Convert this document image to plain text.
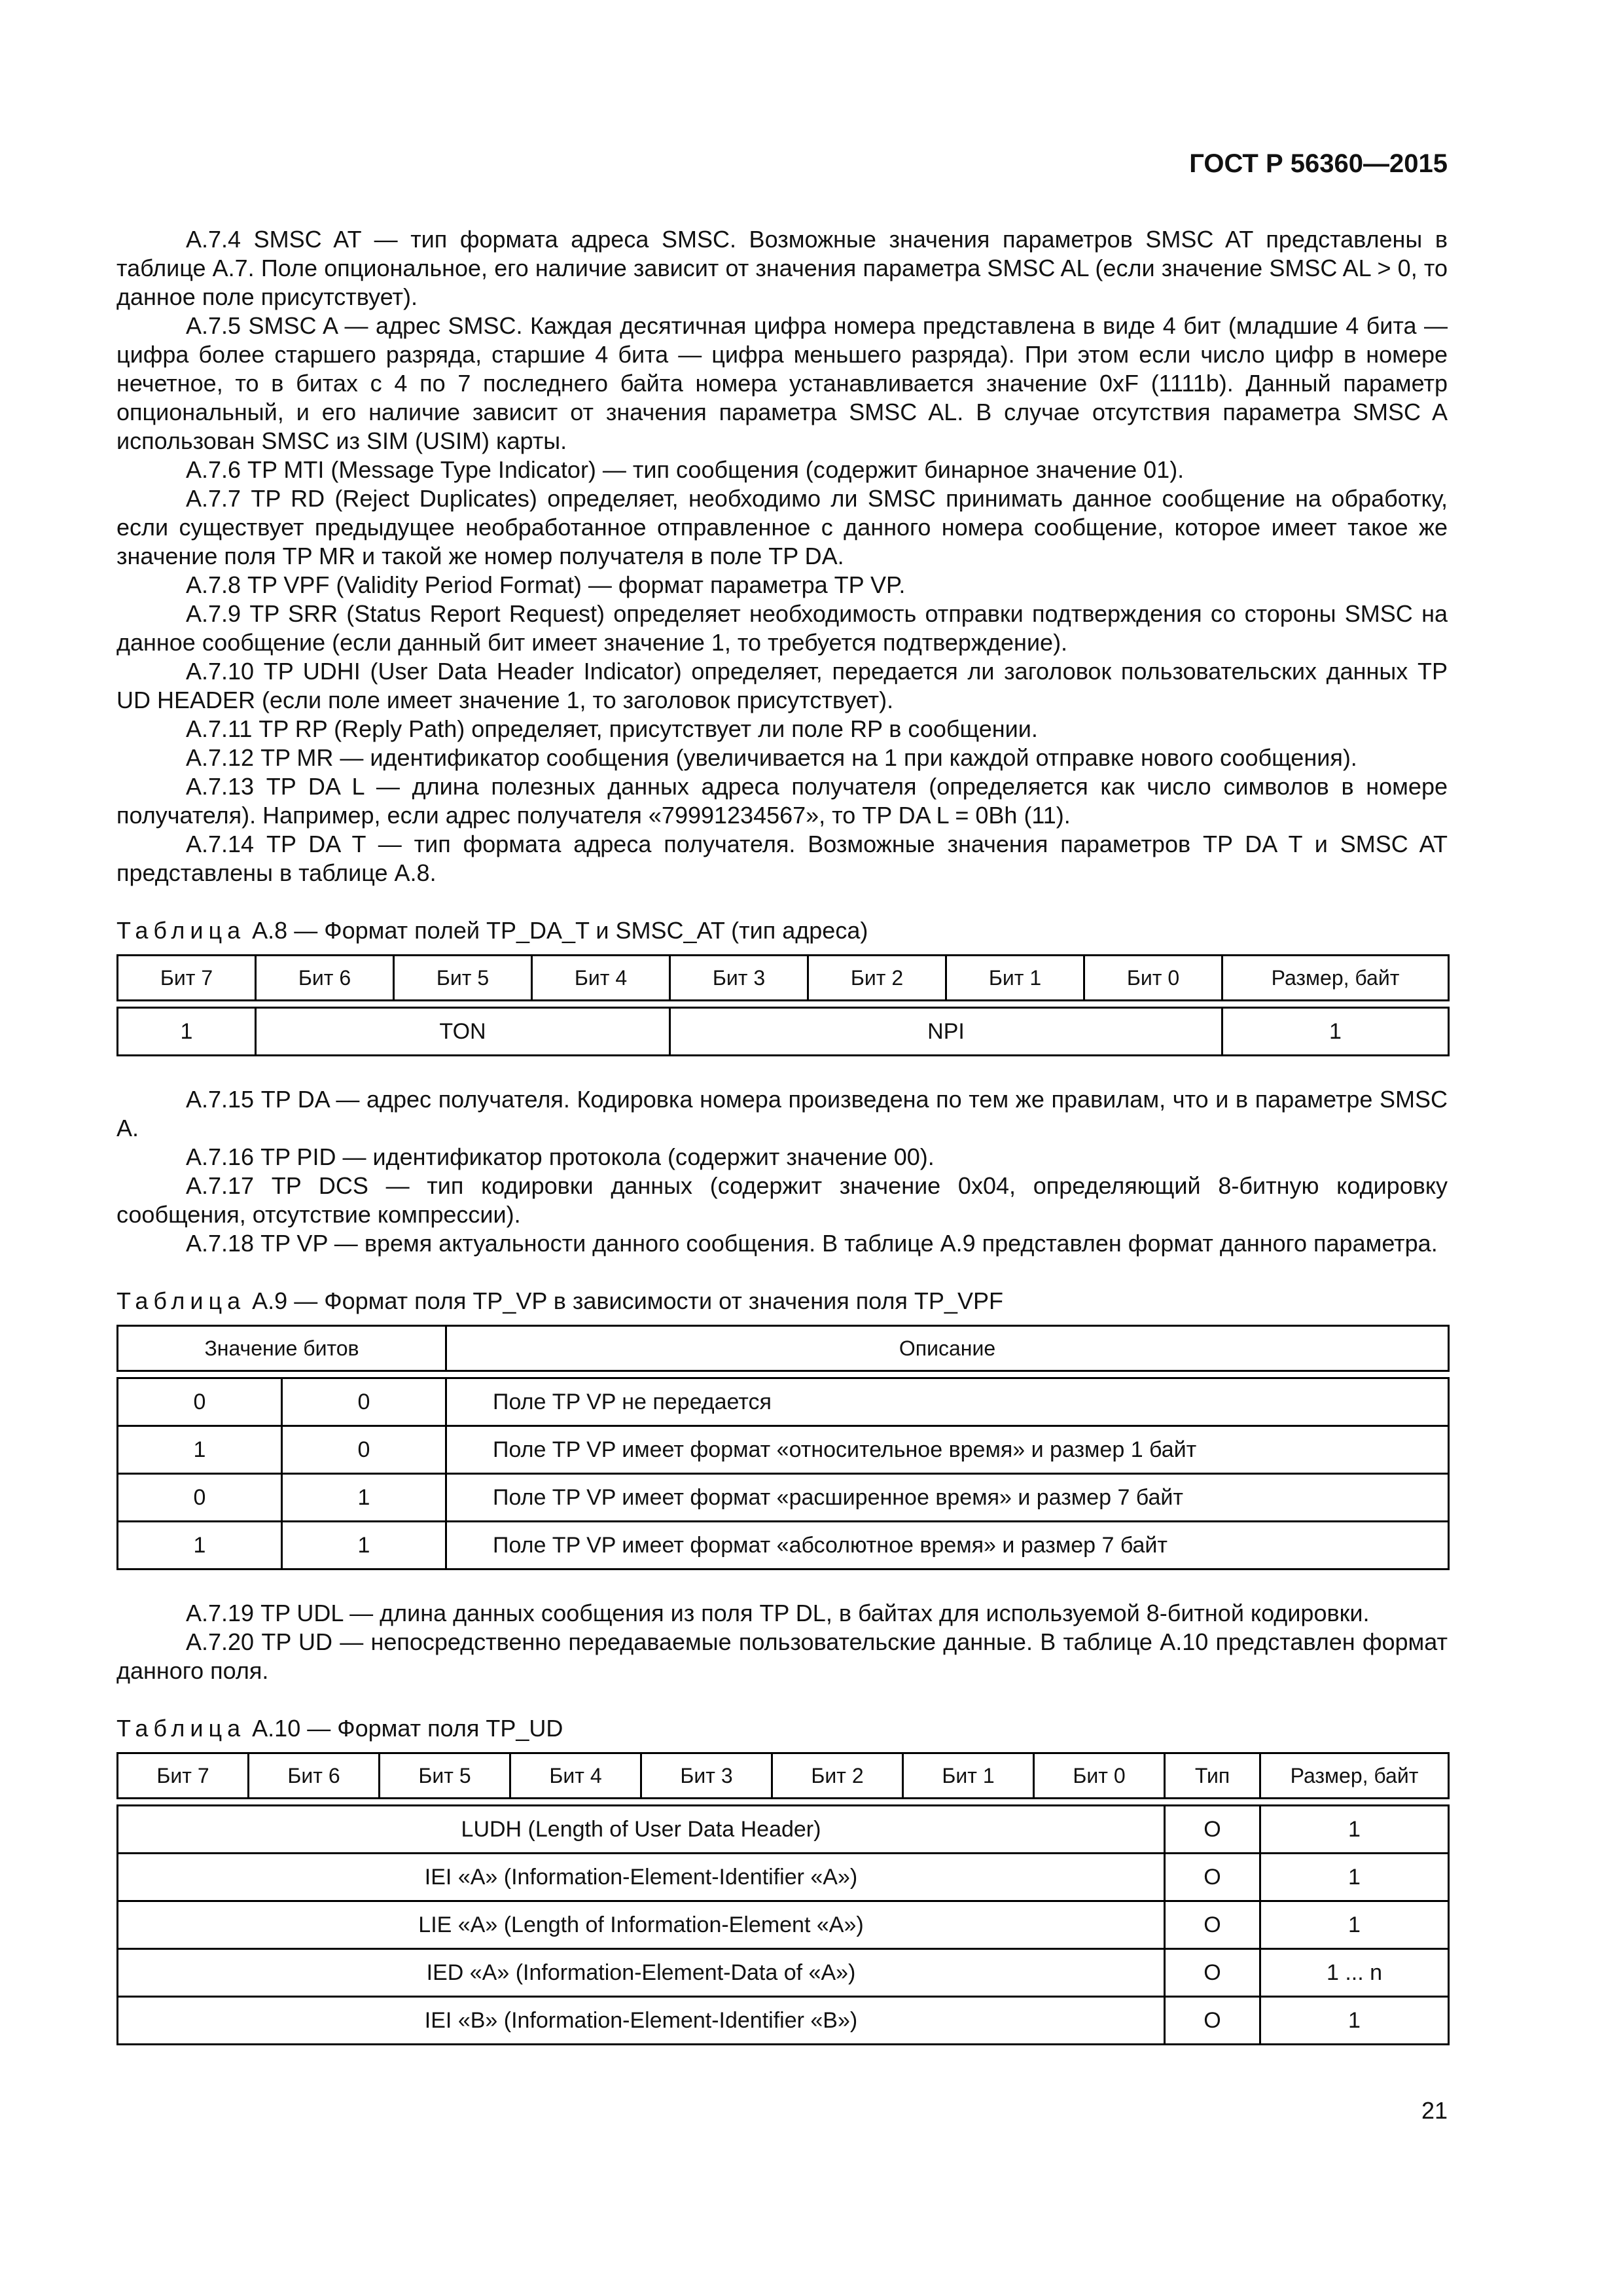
ГОСТ Р 56360—2015

А.7.4 SMSC AT — тип формата адреса SMSC. Возможные значения параметров SMSC AT представлены в таблице А.7. Поле опциональное, его наличие зависит от значения параметра SMSC AL (если значение SMSC AL > 0, то данное поле присутствует).

А.7.5 SMSC A — адрес SMSC. Каждая десятичная цифра номера представлена в виде 4 бит (младшие 4 бита — цифра более старшего разряда, старшие 4 бита — цифра меньшего разряда). При этом если число цифр в номере нечетное, то в битах с 4 по 7 последнего байта номера устанавливается значение 0xF (1111b). Данный параметр опциональный, и его наличие зависит от значения параметра SMSC AL. В случае отсутствия параметра SMSC A использован SMSC из SIM (USIM) карты.

А.7.6 TP MTI (Message Type Indicator) — тип сообщения (содержит бинарное значение 01).

А.7.7 TP RD (Reject Duplicates) определяет, необходимо ли SMSC принимать данное сообщение на обработку, если существует предыдущее необработанное отправленное с данного номера сообщение, которое имеет такое же значение поля TP MR и такой же номер получателя в поле TP DA.

А.7.8 TP VPF (Validity Period Format) — формат параметра TP VP.

А.7.9 TP SRR (Status Report Request) определяет необходимость отправки подтверждения со стороны SMSC на данное сообщение (если данный бит имеет значение 1, то требуется подтверждение).

А.7.10 TP UDHI (User Data Header Indicator) определяет, передается ли заголовок пользовательских данных TP UD HEADER (если поле имеет значение 1, то заголовок присутствует).

А.7.11 TP RP (Reply Path) определяет, присутствует ли поле RP в сообщении.

А.7.12 TP MR — идентификатор сообщения (увеличивается на 1 при каждой отправке нового сообщения).

А.7.13 TP DA L — длина полезных данных адреса получателя (определяется как число символов в номере получателя). Например, если адрес получателя «79991234567», то TP DA L = 0Bh (11).

А.7.14 TP DA T — тип формата адреса получателя. Возможные значения параметров TP DA T и SMSC AT представлены в таблице А.8.

Таблица А.8 — Формат полей TP_DA_T и SMSC_AT (тип адреса)
Бит 7	Бит 6	Бит 5	Бит 4	Бит 3	Бит 2	Бит 1	Бит 0	Размер, байт

1	TON			NPI				1

А.7.15 TP DA — адрес получателя. Кодировка номера произведена по тем же правилам, что и в параметре SMSC A.

А.7.16 TP PID — идентификатор протокола (содержит значение 00).

А.7.17 TP DCS — тип кодировки данных (содержит значение 0x04, определяющий 8-битную кодировку сообщения, отсутствие компрессии).

А.7.18 TP VP — время актуальности данного сообщения. В таблице А.9 представлен формат данного параметра.

Таблица А.9 — Формат поля TP_VP в зависимости от значения поля TP_VPF
Значение битов		Описание

0	0	Поле TP VP не передается
1	0	Поле TP VP имеет формат «относительное время» и размер 1 байт
0	1	Поле TP VP имеет формат «расширенное время» и размер 7 байт
1	1	Поле TP VP имеет формат «абсолютное время» и размер 7 байт

А.7.19 TP UDL — длина данных сообщения из поля TP DL, в байтах для используемой 8-битной кодировки.

А.7.20 TP UD — непосредственно передаваемые пользовательские данные. В таблице А.10 представлен формат данного поля.

Таблица А.10 — Формат поля TP_UD
Бит 7	Бит 6	Бит 5	Бит 4	Бит 3	Бит 2	Бит 1	Бит 0	Тип	Размер, байт

LUDH (Length of User Data Header)								O	1
IEI «A» (Information-Element-Identifier «A»)								O	1
LIE «A» (Length of Information-Element «A»)								O	1
IED «A» (Information-Element-Data of «A»)								O	1 ... n
IEI «B» (Information-Element-Identifier «B»)								O	1
21
